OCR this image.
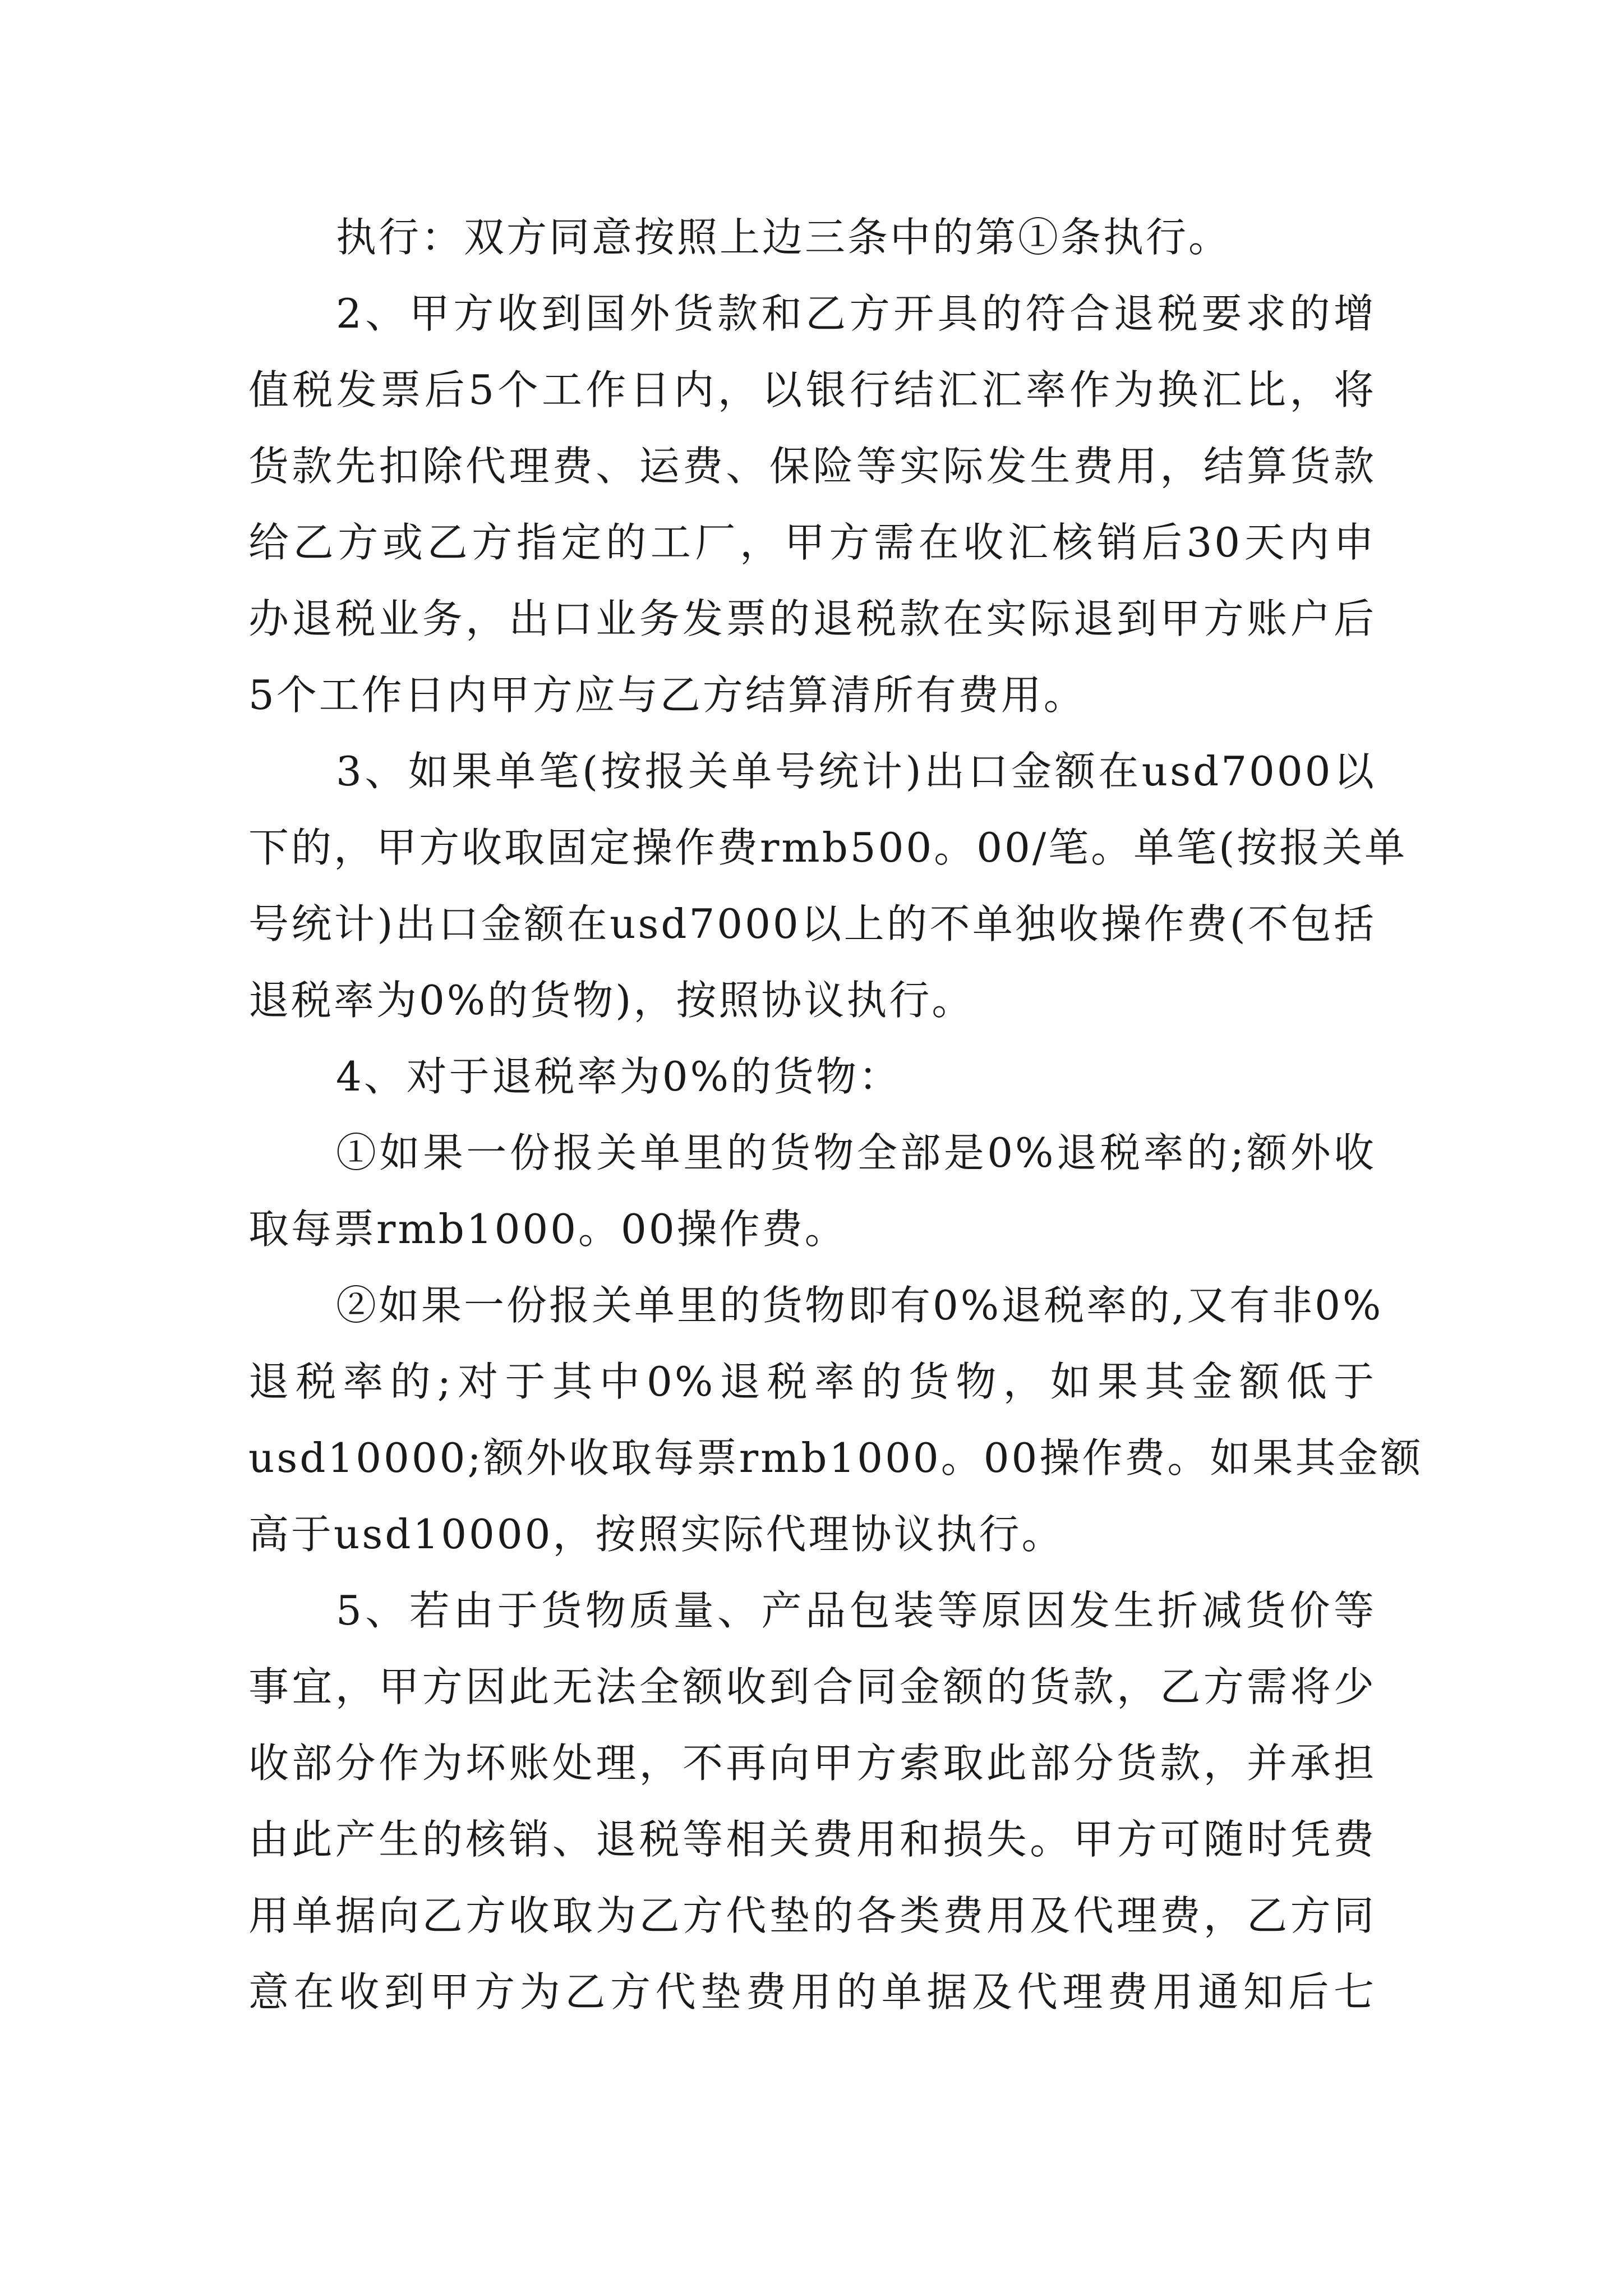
执行：双方同意按照上边三条中的第①条执行。
2、甲方收到国外货款和乙方开具的符合退税要求的增
值税发票后5个工作日内，以银行结汇汇率作为换汇比，将
货款先扣除代理费、运费、保险等实际发生费用，结算货款
给乙方或乙方指定的工厂，甲方需在收汇核销后30天内申
办退税业务，出口业务发票的退税款在实际退到甲方账户后
5个工作日内甲方应与乙方结算清所有费用。
3、如果单笔(按报关单号统计)出口金额在usd7000以
下的，甲方收取固定操作费rmb500。00/笔。单笔(按报关单
号统计)出口金额在usd7000以上的不单独收操作费(不包括
退税率为0%的货物)，按照协议执行。
4、对于退税率为0%的货物：
①如果一份报关单里的货物全部是0%退税率的;额外收
取每票rmb1000。00操作费。
②如果一份报关单里的货物即有0%退税率的,又有非0%
退税率的;对于其中0%退税率的货物，如果其金额低于
usd10000;额外收取每票rmb1000。00操作费。如果其金额
高于usd10000，按照实际代理协议执行。
5、若由于货物质量、产品包装等原因发生折减货价等
事宜，甲方因此无法全额收到合同金额的货款，乙方需将少
收部分作为坏账处理，不再向甲方索取此部分货款，并承担
由此产生的核销、退税等相关费用和损失。甲方可随时凭费
用单据向乙方收取为乙方代垫的各类费用及代理费，乙方同
意在收到甲方为乙方代垫费用的单据及代理费用通知后七
